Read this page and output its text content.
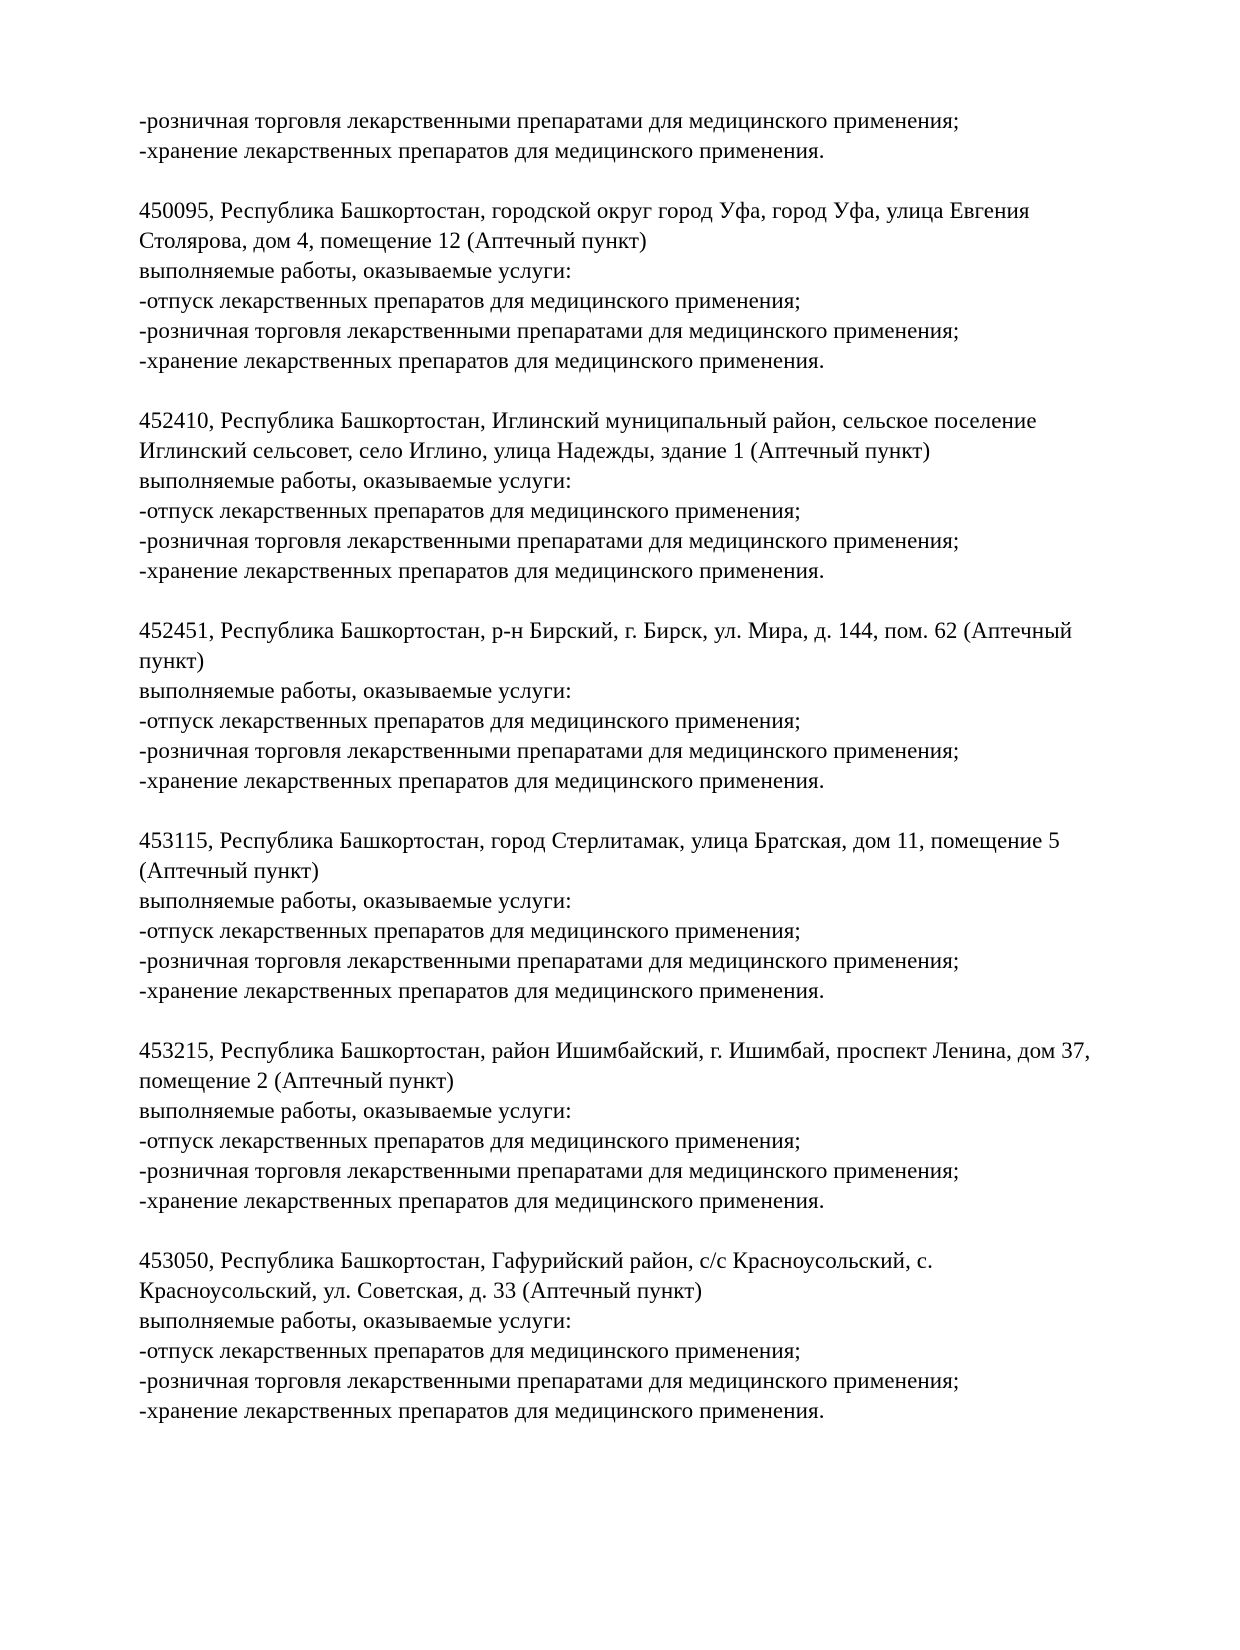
-розничная торговля лекарственными препаратами для медицинского применения;
-хранение лекарственных препаратов для медицинского применения.
450095, Республика Башкортостан, городской округ город Уфа, город Уфа, улица Евгения
Столярова, дом 4, помещение 12 (Аптечный пункт)
выполняемые работы, оказываемые услуги:
-отпуск лекарственных препаратов для медицинского применения;
-розничная торговля лекарственными препаратами для медицинского применения;
-хранение лекарственных препаратов для медицинского применения.
452410, Республика Башкортостан, Иглинский муниципальный район, сельское поселение
Иглинский сельсовет, село Иглино, улица Надежды, здание 1 (Аптечный пункт)
выполняемые работы, оказываемые услуги:
-отпуск лекарственных препаратов для медицинского применения;
-розничная торговля лекарственными препаратами для медицинского применения;
-хранение лекарственных препаратов для медицинского применения.
452451, Республика Башкортостан, р-н Бирский, г. Бирск, ул. Мира, д. 144, пом. 62 (Аптечный
пункт)
выполняемые работы, оказываемые услуги:
-отпуск лекарственных препаратов для медицинского применения;
-розничная торговля лекарственными препаратами для медицинского применения;
-хранение лекарственных препаратов для медицинского применения.
453115, Республика Башкортостан, город Стерлитамак, улица Братская, дом 11, помещение 5
(Аптечный пункт)
выполняемые работы, оказываемые услуги:
-отпуск лекарственных препаратов для медицинского применения;
-розничная торговля лекарственными препаратами для медицинского применения;
-хранение лекарственных препаратов для медицинского применения.
453215, Республика Башкортостан, район Ишимбайский, г. Ишимбай, проспект Ленина, дом 37,
помещение 2 (Аптечный пункт)
выполняемые работы, оказываемые услуги:
-отпуск лекарственных препаратов для медицинского применения;
-розничная торговля лекарственными препаратами для медицинского применения;
-хранение лекарственных препаратов для медицинского применения.
453050, Республика Башкортостан, Гафурийский район, с/с Красноусольский, с.
Красноусольский, ул. Советская, д. 33 (Аптечный пункт)
выполняемые работы, оказываемые услуги:
-отпуск лекарственных препаратов для медицинского применения;
-розничная торговля лекарственными препаратами для медицинского применения;
-хранение лекарственных препаратов для медицинского применения.
